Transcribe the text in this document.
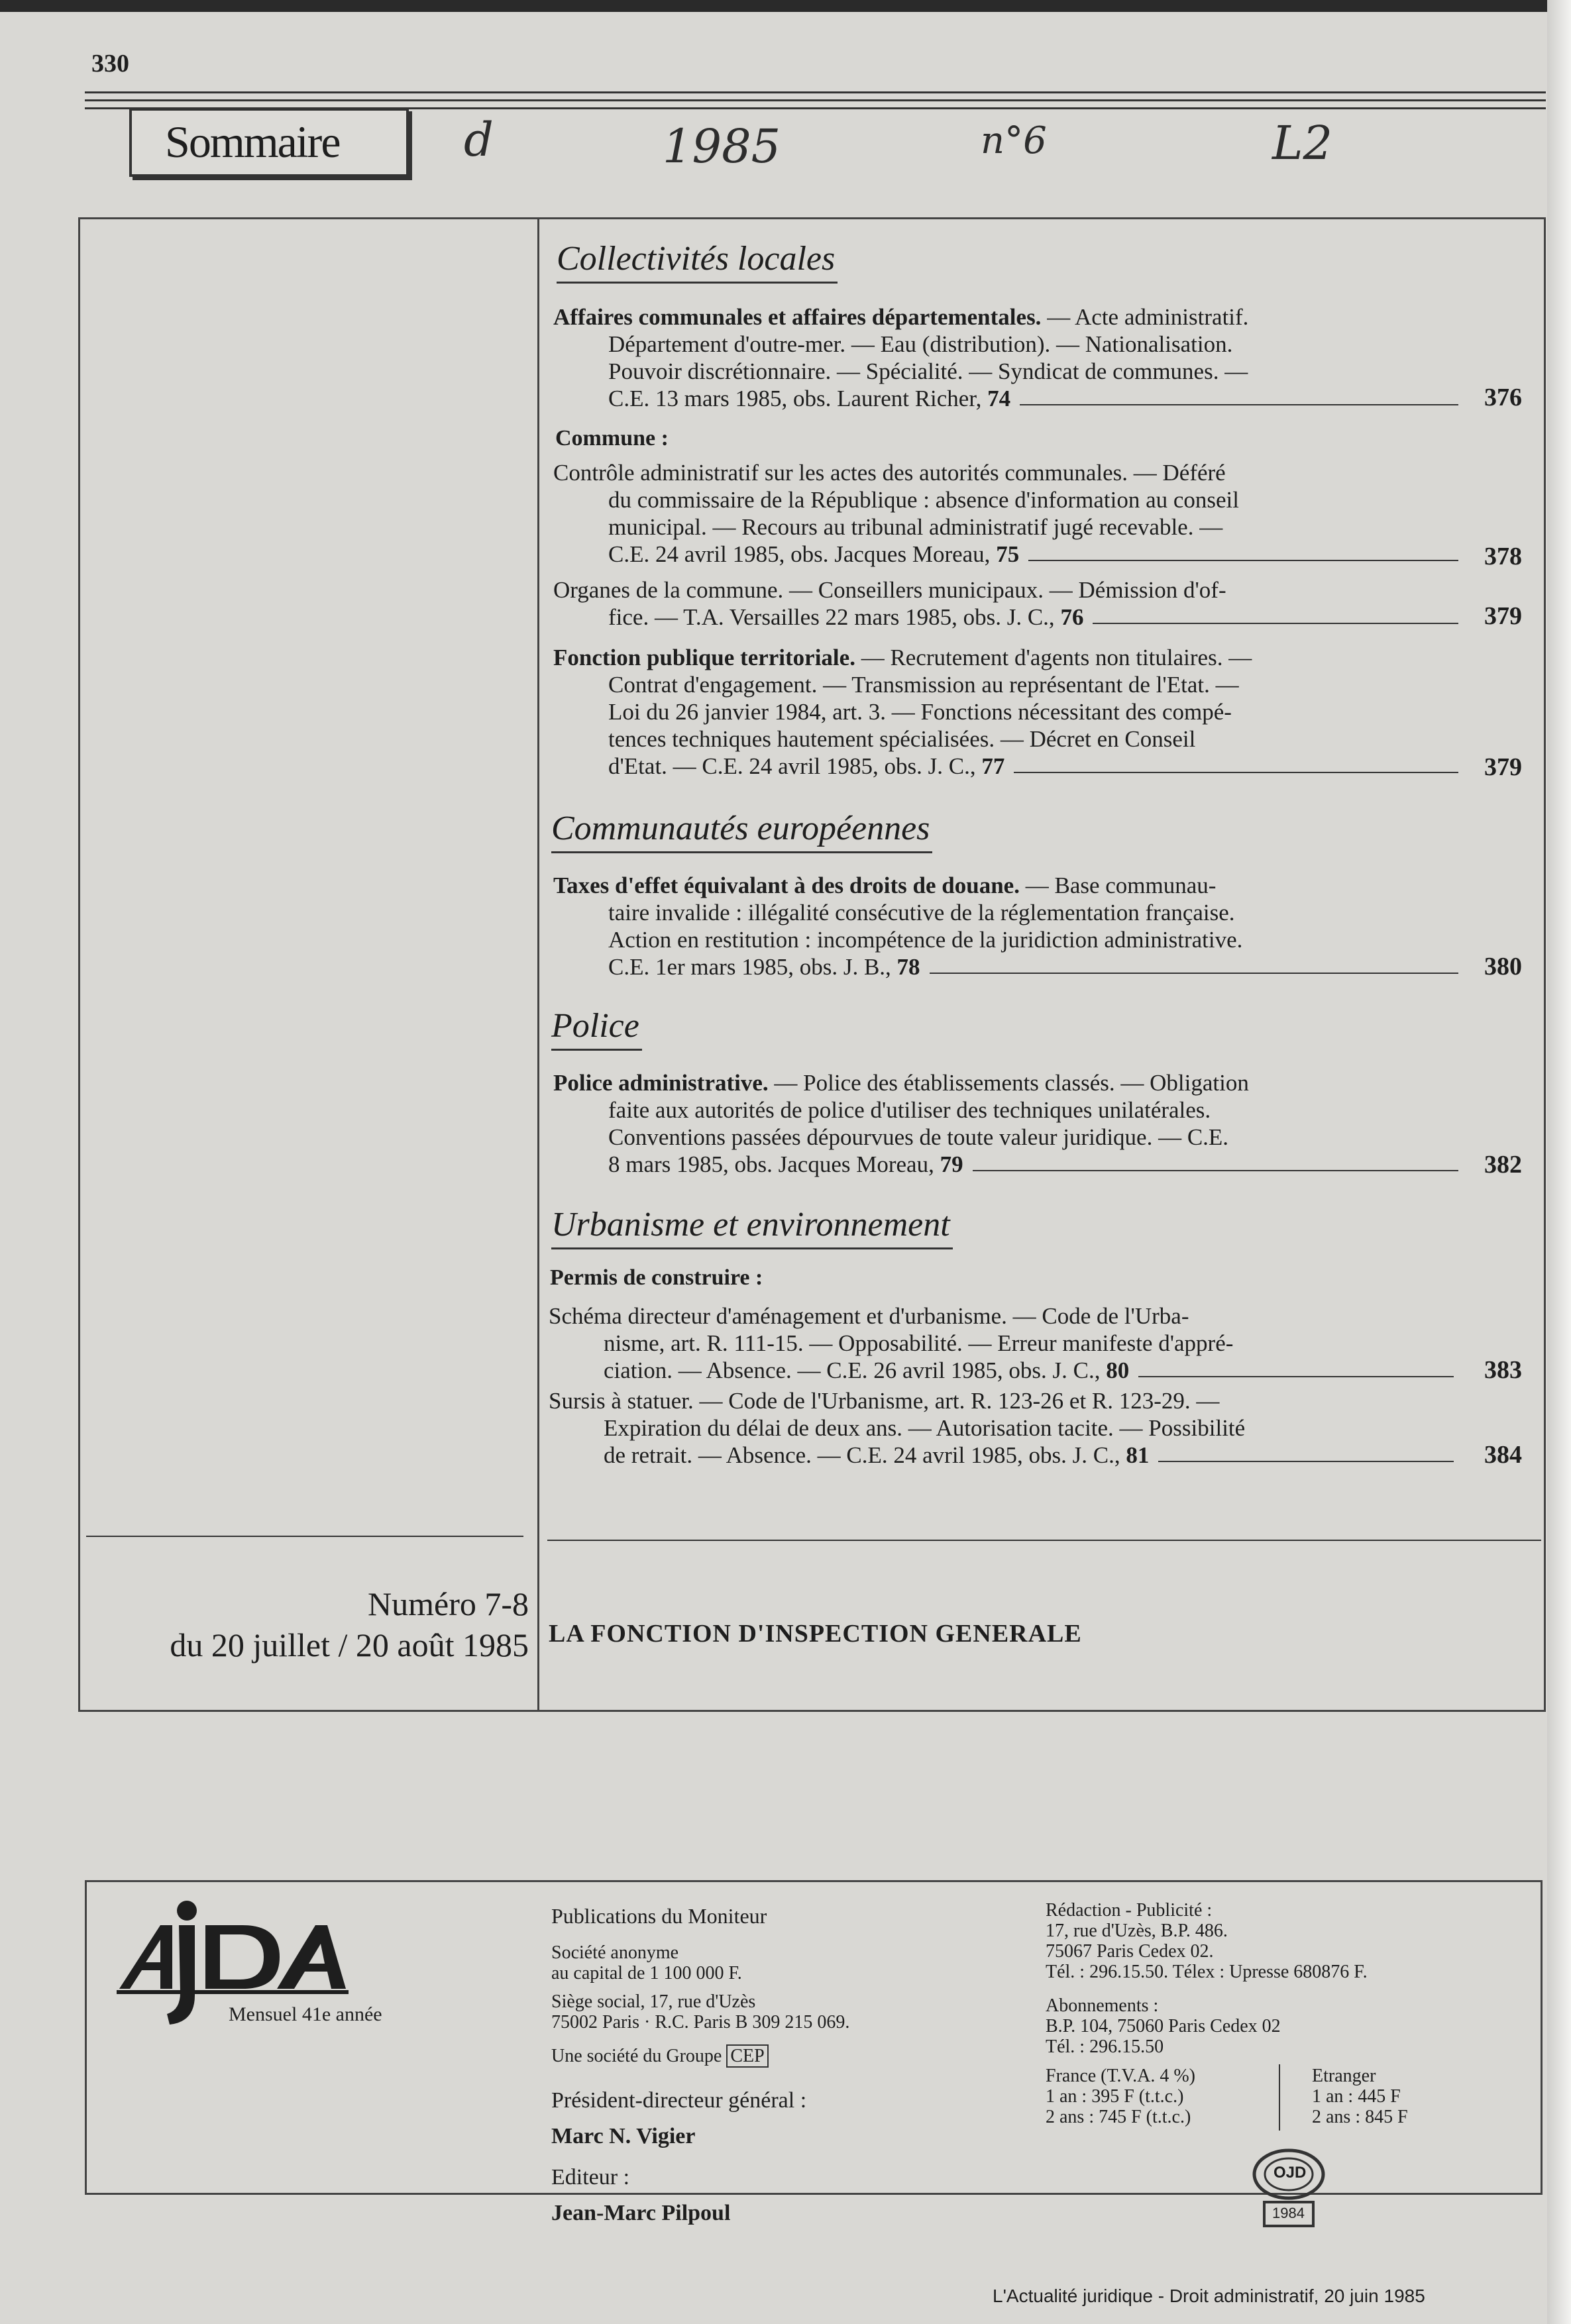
330
Sommaire	d	1985	n°6	L2
Collectivités locales
Affaires communales et affaires départementales. — Acte administratif.
Département d'outre-mer. — Eau (distribution). — Nationalisation.
Pouvoir discrétionnaire. — Spécialité. — Syndicat de communes. —
C.E. 13 mars 1985, obs. Laurent Richer,
74	376
Commune :
Contrôle administratif sur les actes des autorités communales. — Déféré
du commissaire de la République : absence d'information au conseil
municipal. — Recours au tribunal administratif jugé recevable. —
C.E. 24 avril 1985, obs. Jacques Moreau,
75	378
Organes de la commune. — Conseillers municipaux. — Démission d'of-
fice. — T.A. Versailles 22 mars 1985, obs. J. C.,
76	379
Fonction publique territoriale. — Recrutement d'agents non titulaires. —
Contrat d'engagement. — Transmission au représentant de l'Etat. —
Loi du 26 janvier 1984, art. 3. — Fonctions nécessitant des compé-
tences techniques hautement spécialisées. — Décret en Conseil
d'Etat. — C.E. 24 avril 1985, obs. J. C.,
77	379
Communautés européennes
Taxes d'effet équivalant à des droits de douane. — Base communau-
taire invalide : illégalité consécutive de la réglementation française.
Action en restitution : incompétence de la juridiction administrative.
C.E. 1er mars 1985, obs. J. B.,
78	380
Police
Police administrative. — Police des établissements classés. — Obligation
faite aux autorités de police d'utiliser des techniques unilatérales.
Conventions passées dépourvues de toute valeur juridique. — C.E.
8 mars 1985, obs. Jacques Moreau,
79	382
Urbanisme et environnement
Permis de construire :
Schéma directeur d'aménagement et d'urbanisme. — Code de l'Urba-
nisme, art. R. 111-15. — Opposabilité. — Erreur manifeste d'appré-
ciation. — Absence. — C.E. 26 avril 1985, obs. J. C.,
80	383
Sursis à statuer. — Code de l'Urbanisme, art. R. 123-26 et R. 123-29. —
Expiration du délai de deux ans. — Autorisation tacite. — Possibilité
de retrait. — Absence. — C.E. 24 avril 1985, obs. J. C.,
81	384
Numéro 7-8
du 20 juillet / 20 août 1985 LA FONCTION D'INSPECTION GENERALE
Mensuel 41e année
Publications du Moniteur
Société anonyme
au capital de 1 100 000 F.
Siège social, 17, rue d'Uzès
75002 Paris · R.C. Paris B 309 215 069.
Une société du Groupe CEP
Président-directeur général :
Marc N. Vigier
Editeur :
Jean-Marc Pilpoul
Rédaction - Publicité :
17, rue d'Uzès, B.P. 486.
75067 Paris Cedex 02.
Tél. : 296.15.50. Télex : Upresse 680876 F.
Abonnements :
B.P. 104, 75060 Paris Cedex 02
Tél. : 296.15.50
France (T.V.A. 4 %)
1 an : 395 F (t.t.c.)
2 ans : 745 F (t.t.c.)
Etranger
1 an : 445 F
2 ans : 845 F
OJD
1984
L'Actualité juridique - Droit administratif, 20 juin 1985
